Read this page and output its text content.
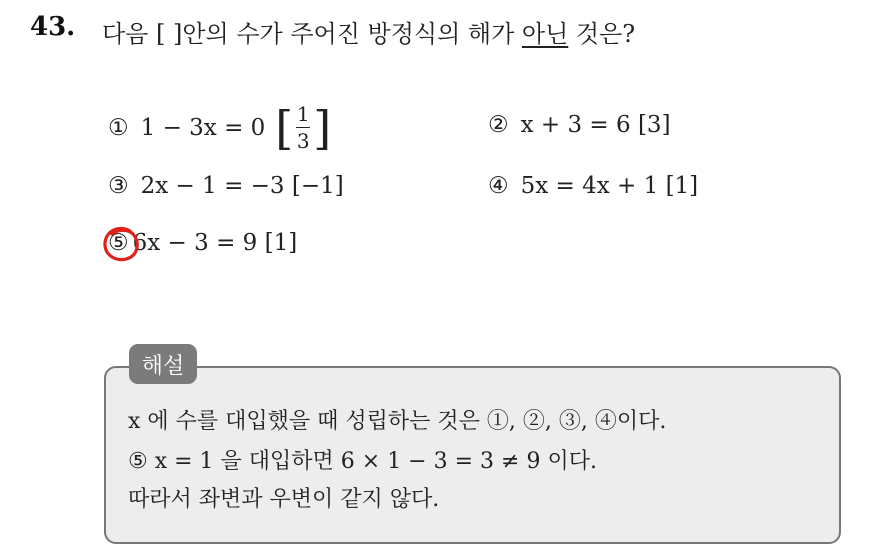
43. 다음 [ ]안의 수가 주어진 방정식의 해가 아닌 것은?
① 1 − 3x = 0 [ 1
3 ]	② x + 3 = 6 [3]
③ 2x − 1 = −3 [−1]	④ 5x = 4x + 1 [1]
⑤ 6x − 3 = 9 [1]
해설
x 에 수를 대입했을 때 성립하는 것은 ①, ②, ③, ④이다.
⑤ x = 1 을 대입하면 6 × 1 − 3 = 3 ≠ 9 이다.
따라서 좌변과 우변이 같지 않다.
